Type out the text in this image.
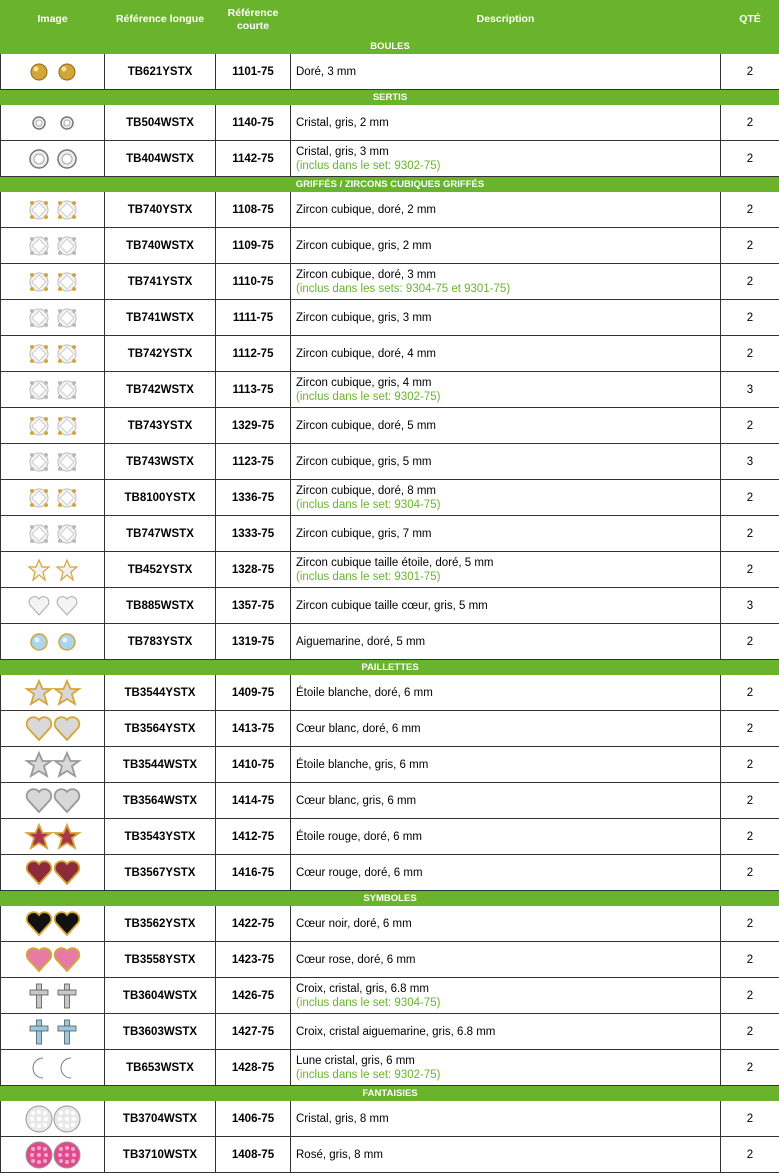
Image	Référence longue	Référence courte	Description	QTÉ
BOULES				

	TB621YSTX	1101-75	Doré, 3 mm	2
SERTIS				

	TB504WSTX	1140-75	Cristal, gris, 2 mm	2

	TB404WSTX	1142-75	Cristal, gris, 3 mm
(inclus dans le set: 9302-75)	2
GRIFFÉS / ZIRCONS CUBIQUES GRIFFÉS				

	TB740YSTX	1108-75	Zircon cubique, doré, 2 mm	2

	TB740WSTX	1109-75	Zircon cubique, gris, 2 mm	2

	TB741YSTX	1110-75	Zircon cubique, doré, 3 mm
(inclus dans les sets: 9304-75 et 9301-75)	2

	TB741WSTX	1111-75	Zircon cubique, gris, 3 mm	2

	TB742YSTX	1112-75	Zircon cubique, doré, 4 mm	2

	TB742WSTX	1113-75	Zircon cubique, gris, 4 mm
(inclus dans le set: 9302-75)	3

	TB743YSTX	1329-75	Zircon cubique, doré, 5 mm	2

	TB743WSTX	1123-75	Zircon cubique, gris, 5 mm	3

	TB8100YSTX	1336-75	Zircon cubique, doré, 8 mm
(inclus dans le set: 9304-75)	2

	TB747WSTX	1333-75	Zircon cubique, gris, 7 mm	2

	TB452YSTX	1328-75	Zircon cubique taille étoile, doré, 5 mm
(inclus dans le set: 9301-75)	2

	TB885WSTX	1357-75	Zircon cubique taille cœur, gris, 5 mm	3

	TB783YSTX	1319-75	Aiguemarine, doré, 5 mm	2
PAILLETTES				

	TB3544YSTX	1409-75	Étoile blanche, doré, 6 mm	2

	TB3564YSTX	1413-75	Cœur blanc, doré, 6 mm	2

	TB3544WSTX	1410-75	Étoile blanche, gris, 6 mm	2

	TB3564WSTX	1414-75	Cœur blanc, gris, 6 mm	2

	TB3543YSTX	1412-75	Étoile rouge, doré, 6 mm	2

	TB3567YSTX	1416-75	Cœur rouge, doré, 6 mm	2
SYMBOLES				

	TB3562YSTX	1422-75	Cœur noir, doré, 6 mm	2

	TB3558YSTX	1423-75	Cœur rose, doré, 6 mm	2

	TB3604WSTX	1426-75	Croix, cristal, gris, 6.8 mm
(inclus dans le set: 9304-75)	2

	TB3603WSTX	1427-75	Croix, cristal aiguemarine, gris, 6.8 mm	2

	TB653WSTX	1428-75	Lune cristal, gris, 6 mm
(inclus dans le set: 9302-75)	2
FANTAISIES				

	TB3704WSTX	1406-75	Cristal, gris, 8 mm	2

	TB3710WSTX	1408-75	Rosé, gris, 8 mm	2
